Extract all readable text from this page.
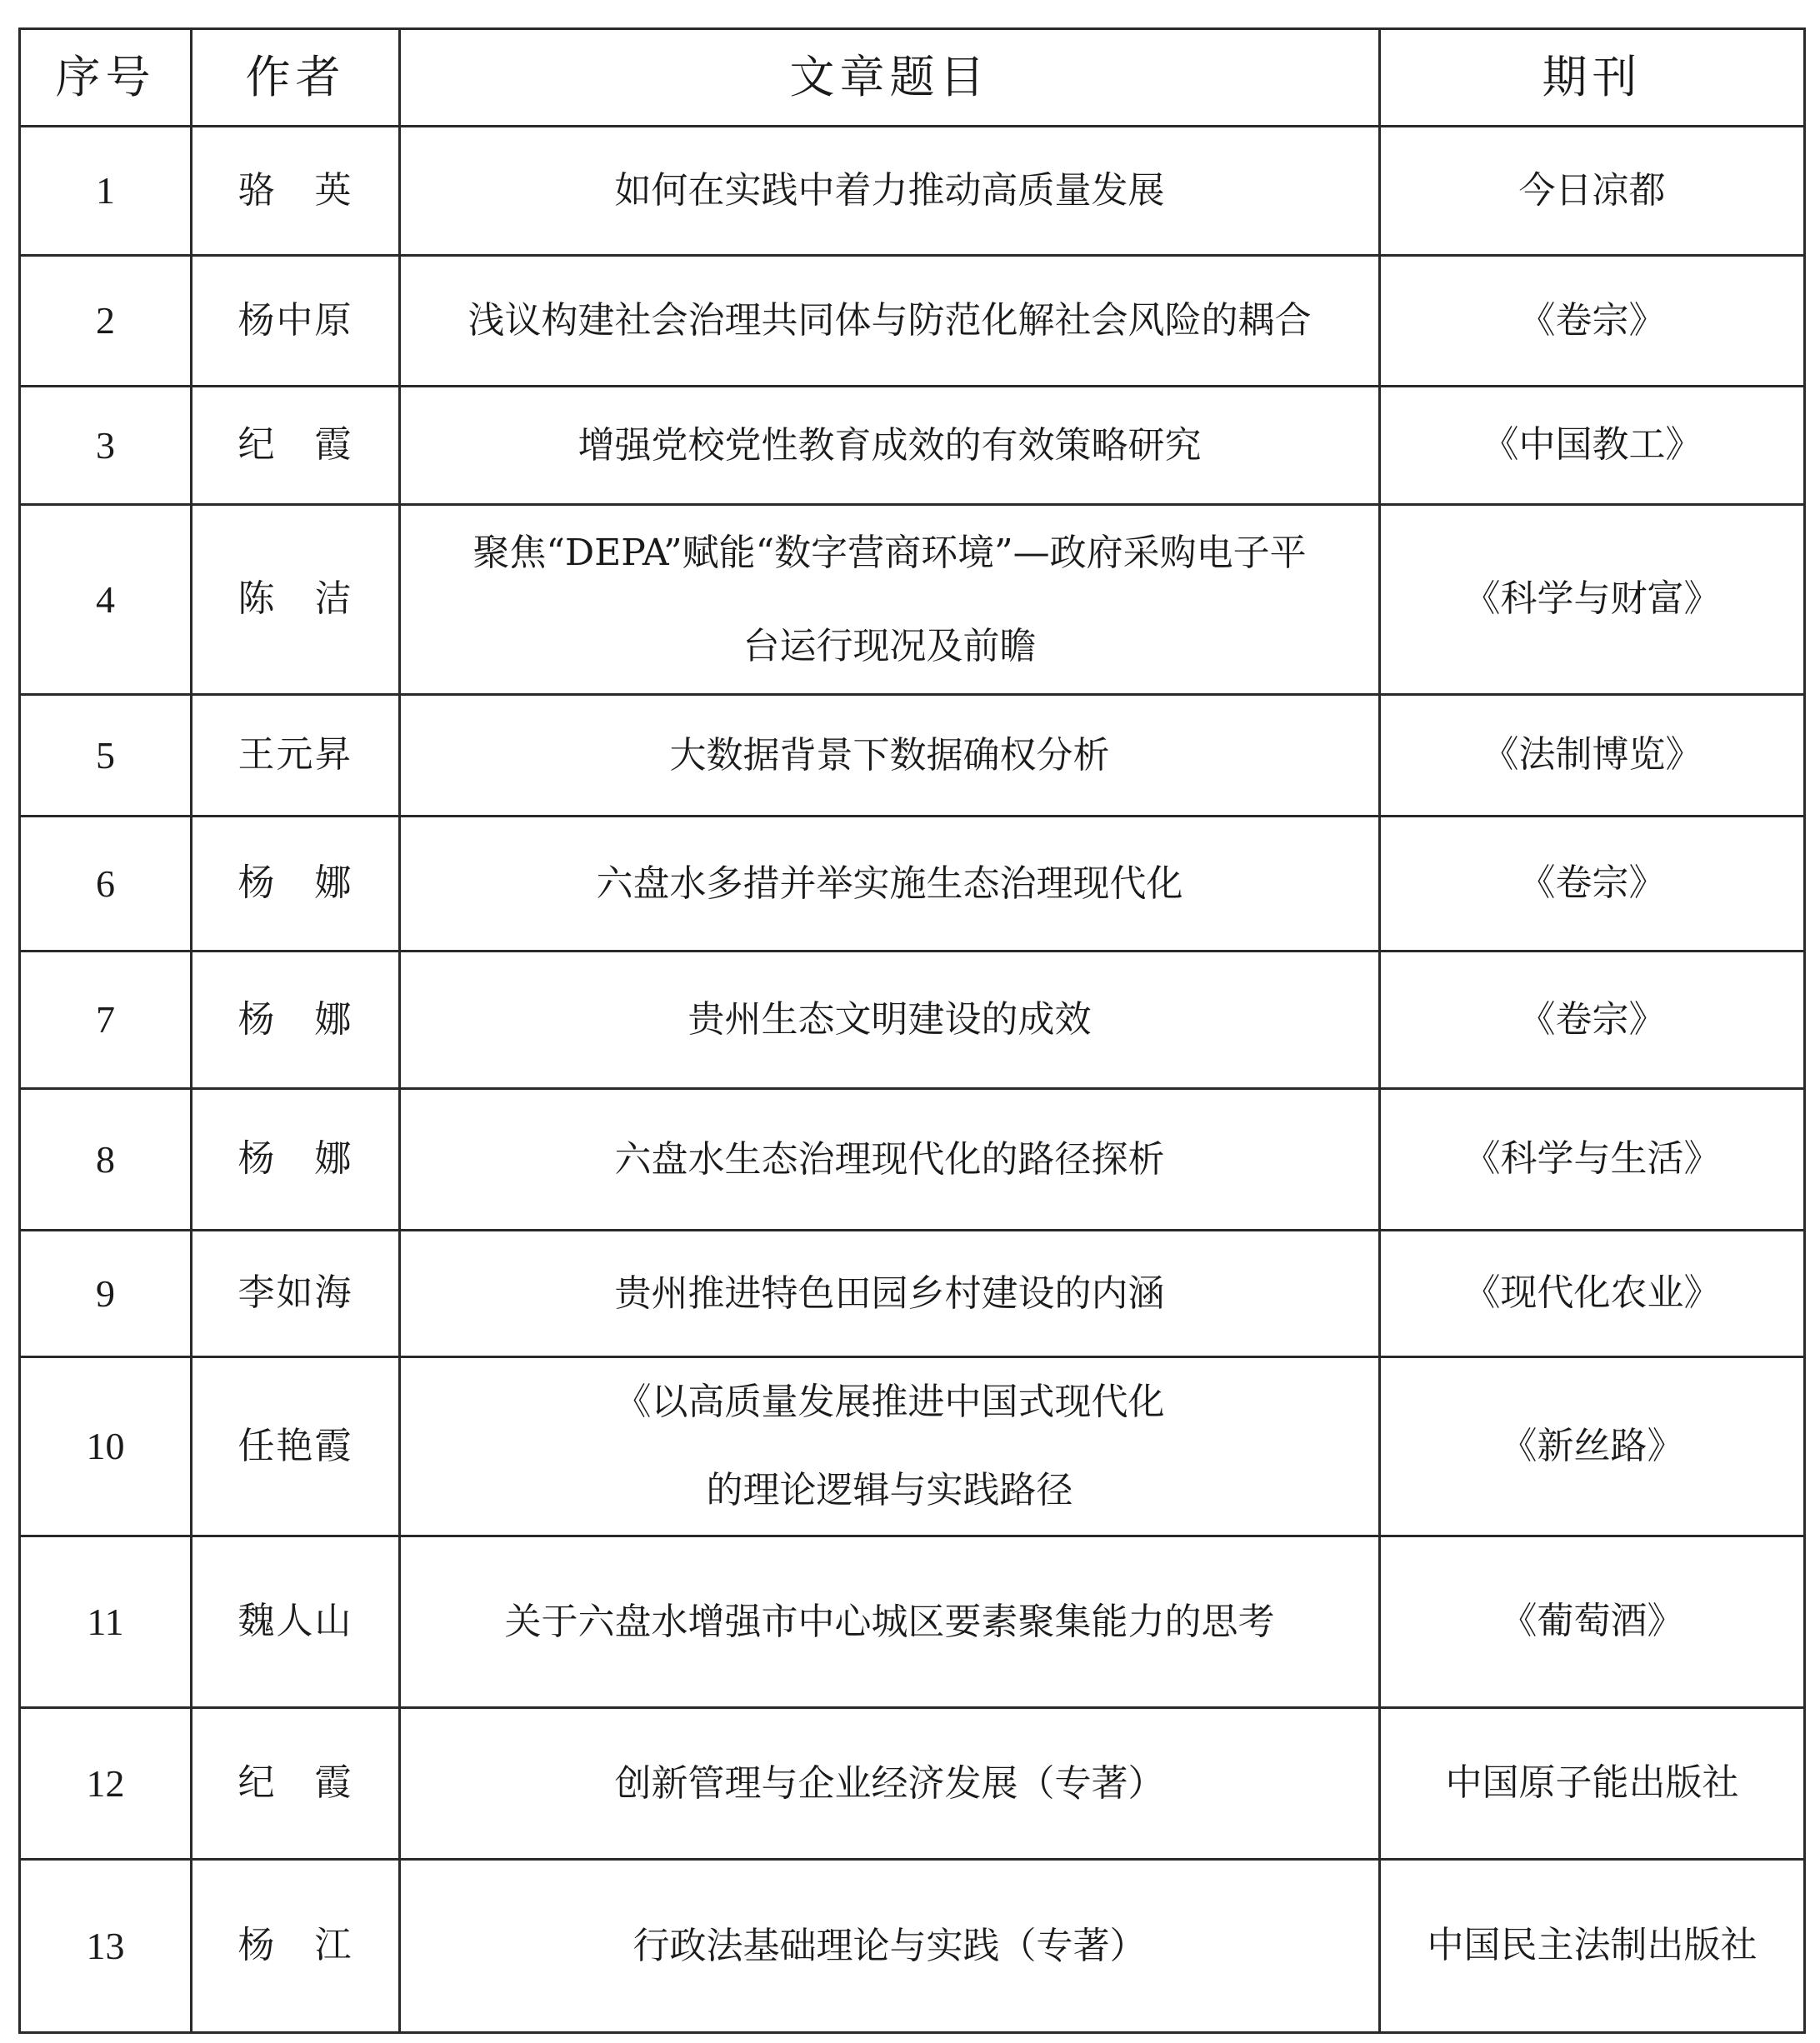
序号	作者	文章题目	期刊
1	骆　英	如何在实践中着力推动高质量发展	今日凉都
2	杨中原	浅议构建社会治理共同体与防范化解社会风险的耦合	《卷宗》
3	纪　霞	增强党校党性教育成效的有效策略研究	《中国教工》
4	陈　洁	聚焦“DEPA”赋能“数字营商环境”—政府采购电子平
台运行现况及前瞻	《科学与财富》
5	王元昇	大数据背景下数据确权分析	《法制博览》
6	杨　娜	六盘水多措并举实施生态治理现代化	《卷宗》
7	杨　娜	贵州生态文明建设的成效	《卷宗》
8	杨　娜	六盘水生态治理现代化的路径探析	《科学与生活》
9	李如海	贵州推进特色田园乡村建设的内涵	《现代化农业》
10	任艳霞	《以高质量发展推进中国式现代化
的理论逻辑与实践路径	《新丝路》
11	魏人山	关于六盘水增强市中心城区要素聚集能力的思考	《葡萄酒》
12	纪　霞	创新管理与企业经济发展（专著）	中国原子能出版社
13	杨　江	行政法基础理论与实践（专著）	中国民主法制出版社
